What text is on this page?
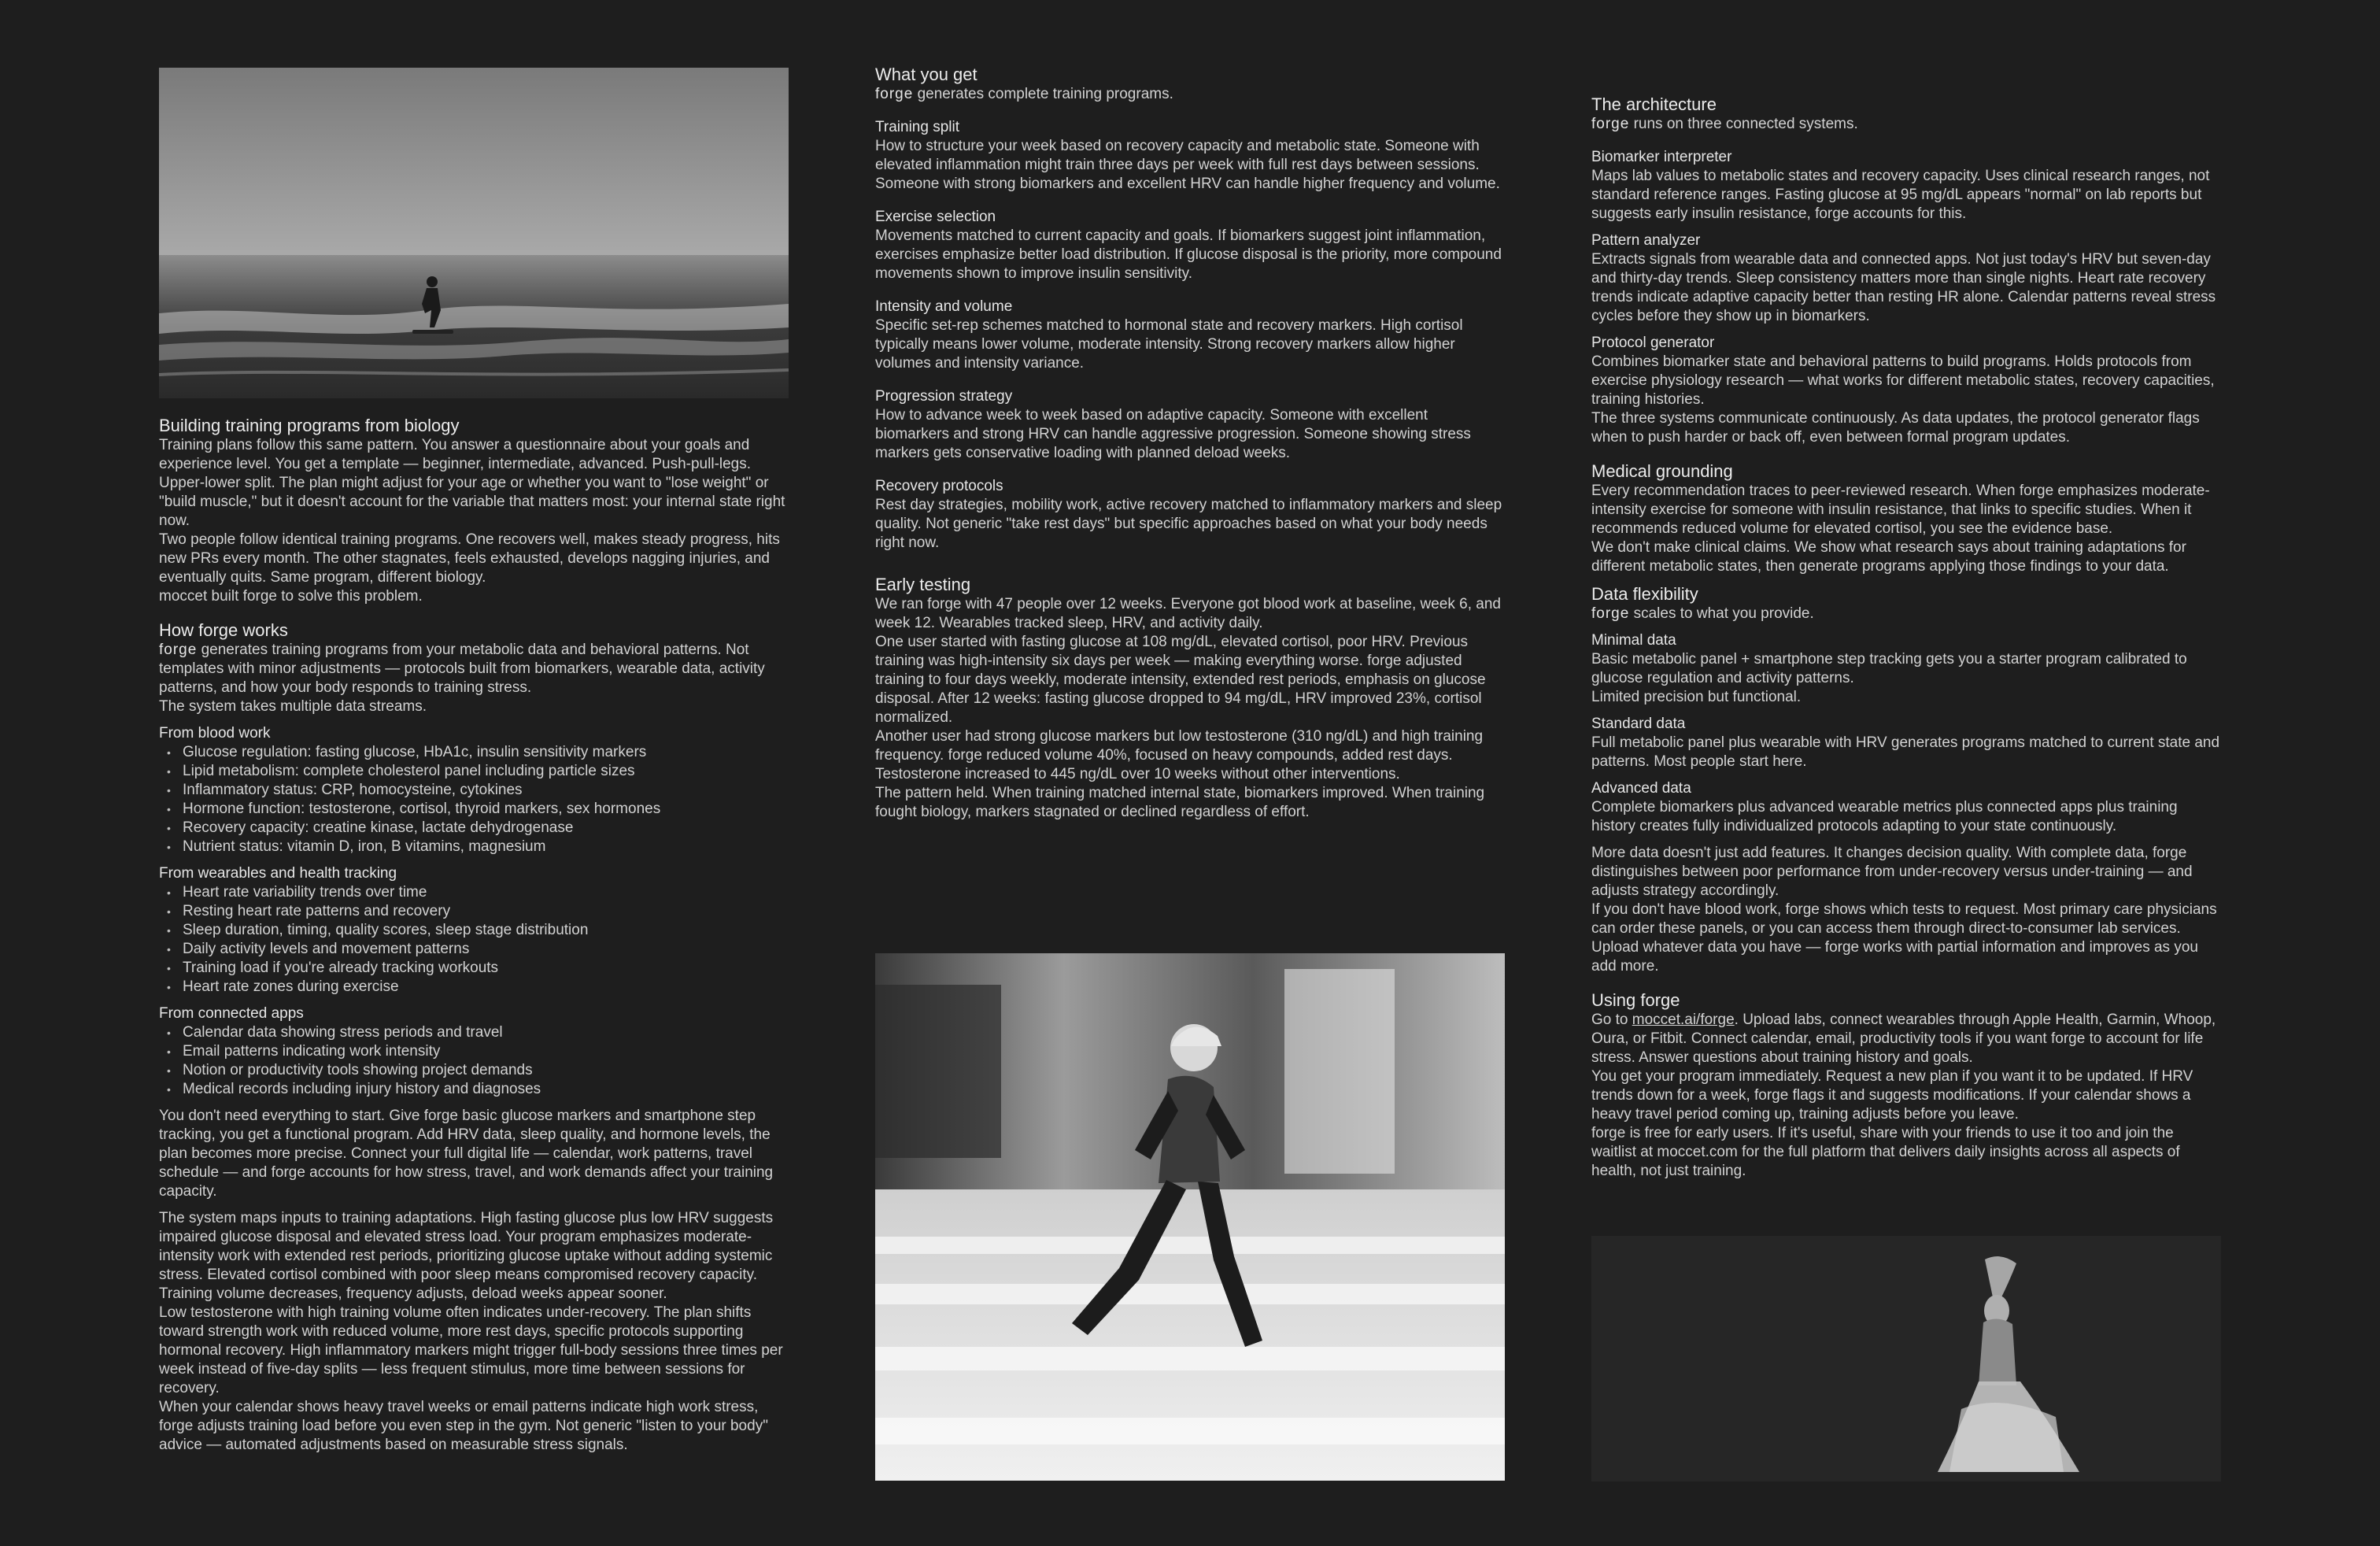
Building training programs from biology

Training plans follow this same pattern. You answer a questionnaire about your goals and experience level. You get a template — beginner, intermediate, advanced. Push-pull-legs. Upper-lower split. The plan might adjust for your age or whether you want to "lose weight" or "build muscle," but it doesn't account for the variable that matters most: your internal state right now.

Two people follow identical training programs. One recovers well, makes steady progress, hits new PRs every month. The other stagnates, feels exhausted, develops nagging injuries, and eventually quits. Same program, different biology.

moccet built forge to solve this problem.

How forge works

forge generates training programs from your metabolic data and behavioral patterns. Not templates with minor adjustments — protocols built from biomarkers, wearable data, activity patterns, and how your body responds to training stress.

The system takes multiple data streams.

From blood work
• Glucose regulation: fasting glucose, HbA1c, insulin sensitivity markers
• Lipid metabolism: complete cholesterol panel including particle sizes
• Inflammatory status: CRP, homocysteine, cytokines
• Hormone function: testosterone, cortisol, thyroid markers, sex hormones
• Recovery capacity: creatine kinase, lactate dehydrogenase
• Nutrient status: vitamin D, iron, B vitamins, magnesium
From wearables and health tracking
• Heart rate variability trends over time
• Resting heart rate patterns and recovery
• Sleep duration, timing, quality scores, sleep stage distribution
• Daily activity levels and movement patterns
• Training load if you're already tracking workouts
• Heart rate zones during exercise
From connected apps
• Calendar data showing stress periods and travel
• Email patterns indicating work intensity
• Notion or productivity tools showing project demands
• Medical records including injury history and diagnoses

You don't need everything to start. Give forge basic glucose markers and smartphone step tracking, you get a functional program. Add HRV data, sleep quality, and hormone levels, the plan becomes more precise. Connect your full digital life — calendar, work patterns, travel schedule — and forge accounts for how stress, travel, and work demands affect your training capacity.

The system maps inputs to training adaptations. High fasting glucose plus low HRV suggests impaired glucose disposal and elevated stress load. Your program emphasizes moderate-intensity work with extended rest periods, prioritizing glucose uptake without adding systemic stress. Elevated cortisol combined with poor sleep means compromised recovery capacity. Training volume decreases, frequency adjusts, deload weeks appear sooner.

Low testosterone with high training volume often indicates under-recovery. The plan shifts toward strength work with reduced volume, more rest days, specific protocols supporting hormonal recovery. High inflammatory markers might trigger full-body sessions three times per week instead of five-day splits — less frequent stimulus, more time between sessions for recovery.

When your calendar shows heavy travel weeks or email patterns indicate high work stress, forge adjusts training load before you even step in the gym. Not generic "listen to your body" advice — automated adjustments based on measurable stress signals.

What you get

forge generates complete training programs.

Training split

How to structure your week based on recovery capacity and metabolic state. Someone with elevated inflammation might train three days per week with full rest days between sessions. Someone with strong biomarkers and excellent HRV can handle higher frequency and volume.

Exercise selection

Movements matched to current capacity and goals. If biomarkers suggest joint inflammation, exercises emphasize better load distribution. If glucose disposal is the priority, more compound movements shown to improve insulin sensitivity.

Intensity and volume

Specific set-rep schemes matched to hormonal state and recovery markers. High cortisol typically means lower volume, moderate intensity. Strong recovery markers allow higher volumes and intensity variance.

Progression strategy

How to advance week to week based on adaptive capacity. Someone with excellent biomarkers and strong HRV can handle aggressive progression. Someone showing stress markers gets conservative loading with planned deload weeks.

Recovery protocols

Rest day strategies, mobility work, active recovery matched to inflammatory markers and sleep quality. Not generic "take rest days" but specific approaches based on what your body needs right now.

Early testing

We ran forge with 47 people over 12 weeks. Everyone got blood work at baseline, week 6, and week 12. Wearables tracked sleep, HRV, and activity daily.

One user started with fasting glucose at 108 mg/dL, elevated cortisol, poor HRV. Previous training was high-intensity six days per week — making everything worse. forge adjusted training to four days weekly, moderate intensity, extended rest periods, emphasis on glucose disposal. After 12 weeks: fasting glucose dropped to 94 mg/dL, HRV improved 23%, cortisol normalized.

Another user had strong glucose markers but low testosterone (310 ng/dL) and high training frequency. forge reduced volume 40%, focused on heavy compounds, added rest days. Testosterone increased to 445 ng/dL over 10 weeks without other interventions.

The pattern held. When training matched internal state, biomarkers improved. When training fought biology, markers stagnated or declined regardless of effort.

The architecture

forge runs on three connected systems.

Biomarker interpreter

Maps lab values to metabolic states and recovery capacity. Uses clinical research ranges, not standard reference ranges. Fasting glucose at 95 mg/dL appears "normal" on lab reports but suggests early insulin resistance, forge accounts for this.

Pattern analyzer

Extracts signals from wearable data and connected apps. Not just today's HRV but seven-day and thirty-day trends. Sleep consistency matters more than single nights. Heart rate recovery trends indicate adaptive capacity better than resting HR alone. Calendar patterns reveal stress cycles before they show up in biomarkers.

Protocol generator

Combines biomarker state and behavioral patterns to build programs. Holds protocols from exercise physiology research — what works for different metabolic states, recovery capacities, training histories.

The three systems communicate continuously. As data updates, the protocol generator flags when to push harder or back off, even between formal program updates.

Medical grounding

Every recommendation traces to peer-reviewed research. When forge emphasizes moderate-intensity exercise for someone with insulin resistance, that links to specific studies. When it recommends reduced volume for elevated cortisol, you see the evidence base.

We don't make clinical claims. We show what research says about training adaptations for different metabolic states, then generate programs applying those findings to your data.

Data flexibility

forge scales to what you provide.

Minimal data

Basic metabolic panel + smartphone step tracking gets you a starter program calibrated to glucose regulation and activity patterns.

Limited precision but functional.

Standard data

Full metabolic panel plus wearable with HRV generates programs matched to current state and patterns. Most people start here.

Advanced data

Complete biomarkers plus advanced wearable metrics plus connected apps plus training history creates fully individualized protocols adapting to your state continuously.

More data doesn't just add features. It changes decision quality. With complete data, forge distinguishes between poor performance from under-recovery versus under-training — and adjusts strategy accordingly.

If you don't have blood work, forge shows which tests to request. Most primary care physicians can order these panels, or you can access them through direct-to-consumer lab services. Upload whatever data you have — forge works with partial information and improves as you add more.

Using forge

Go to moccet.ai/forge. Upload labs, connect wearables through Apple Health, Garmin, Whoop, Oura, or Fitbit. Connect calendar, email, productivity tools if you want forge to account for life stress. Answer questions about training history and goals.

You get your program immediately. Request a new plan if you want it to be updated. If HRV trends down for a week, forge flags it and suggests modifications. If your calendar shows a heavy travel period coming up, training adjusts before you leave.

forge is free for early users. If it's useful, share with your friends to use it too and join the waitlist at moccet.com for the full platform that delivers daily insights across all aspects of health, not just training.
